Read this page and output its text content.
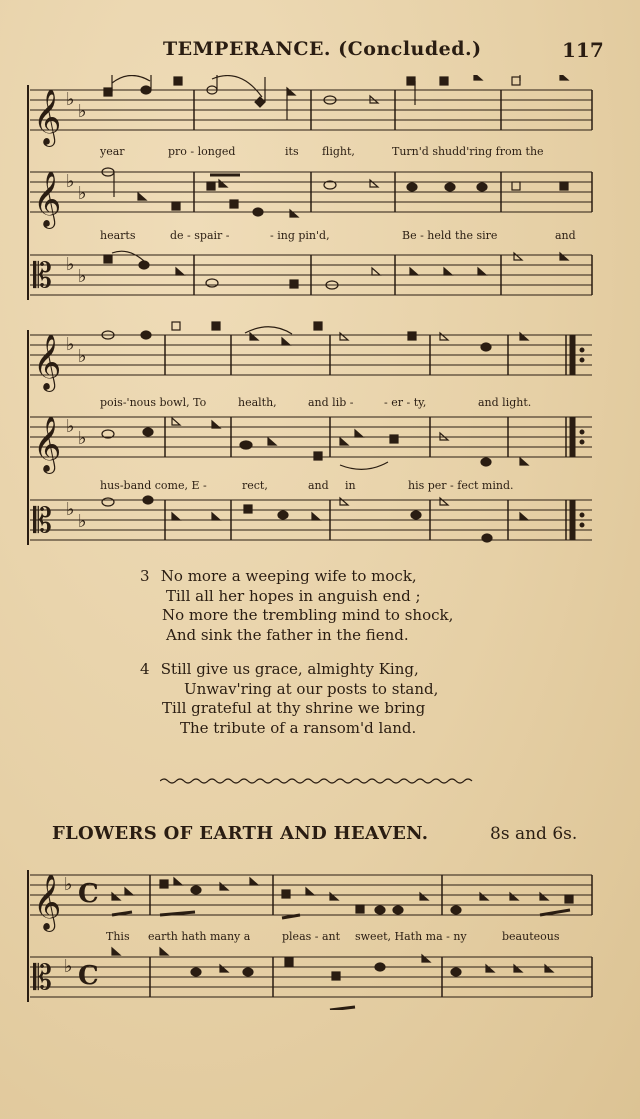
TEMPERANCE. (Concluded.)	117
𝄞
𝄞
𝄡
♭
♭
♭
♭
♭
♭
year	pro - longed	its flight,	Turn'd shudd'ring from the
hearts	de - spair -	- ing pin'd,	Be - held the sire	and
𝄞
𝄞
𝄡
♭
♭
♭
♭
♭
♭
pois-'nous bowl, To	health,	and lib -	- er - ty,	and light.
hus-band come, E -	rect,	and in	his per - fect mind.
3 No more a weeping wife to mock,
Till all her hopes in anguish end ;
No more the trembling mind to shock,
And sink the father in the fiend.
4 Still give us grace, almighty King,
Unwav'ring at our posts to stand,
Till grateful at thy shrine we bring
The tribute of a ransom'd land.
FLOWERS OF EARTH AND HEAVEN.	8s and 6s.
𝄞
𝄡
♭
♭
C
C
This earth hath many a	pleas - ant sweet, Hath ma - ny	beauteous
